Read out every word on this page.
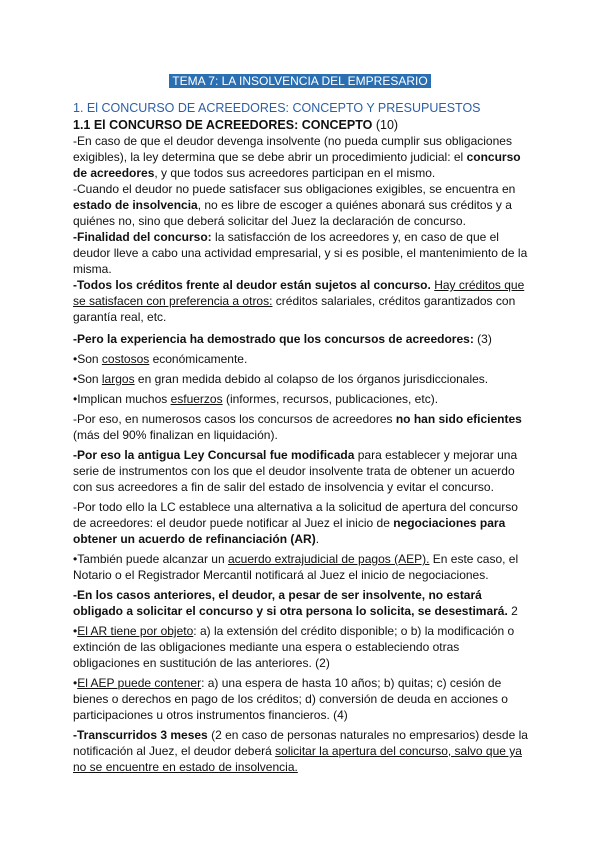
TEMA 7: LA INSOLVENCIA DEL EMPRESARIO

1. El CONCURSO DE ACREEDORES: CONCEPTO Y PRESUPUESTOS

1.1 El CONCURSO DE ACREEDORES: CONCEPTO (10)

-En caso de que el deudor devenga insolvente (no pueda cumplir sus obligaciones exigibles), la ley determina que se debe abrir un procedimiento judicial: el concurso de acreedores, y que todos sus acreedores participan en el mismo.

-Cuando el deudor no puede satisfacer sus obligaciones exigibles, se encuentra en estado de insolvencia, no es libre de escoger a quiénes abonará sus créditos y a quiénes no, sino que deberá solicitar del Juez la declaración de concurso.

-Finalidad del concurso: la satisfacción de los acreedores y, en caso de que el deudor lleve a cabo una actividad empresarial, y si es posible, el mantenimiento de la misma.

-Todos los créditos frente al deudor están sujetos al concurso. Hay créditos que se satisfacen con preferencia a otros: créditos salariales, créditos garantizados con garantía real, etc.

-Pero la experiencia ha demostrado que los concursos de acreedores: (3)

•Son costosos económicamente.

•Son largos en gran medida debido al colapso de los órganos jurisdiccionales.

•Implican muchos esfuerzos (informes, recursos, publicaciones, etc).

-Por eso, en numerosos casos los concursos de acreedores no han sido eficientes (más del 90% finalizan en liquidación).

-Por eso la antigua Ley Concursal fue modificada para establecer y mejorar una serie de instrumentos con los que el deudor insolvente trata de obtener un acuerdo con sus acreedores a fin de salir del estado de insolvencia y evitar el concurso.

-Por todo ello la LC establece una alternativa a la solicitud de apertura del concurso de acreedores: el deudor puede notificar al Juez el inicio de negociaciones para obtener un acuerdo de refinanciación (AR).

•También puede alcanzar un acuerdo extrajudicial de pagos (AEP). En este caso, el Notario o el Registrador Mercantil notificará al Juez el inicio de negociaciones.

-En los casos anteriores, el deudor, a pesar de ser insolvente, no estará obligado a solicitar el concurso y si otra persona lo solicita, se desestimará. 2

•El AR tiene por objeto: a) la extensión del crédito disponible; o b) la modificación o extinción de las obligaciones mediante una espera o estableciendo otras obligaciones en sustitución de las anteriores. (2)

•El AEP puede contener: a) una espera de hasta 10 años; b) quitas; c) cesión de bienes o derechos en pago de los créditos; d) conversión de deuda en acciones o participaciones u otros instrumentos financieros. (4)

-Transcurridos 3 meses (2 en caso de personas naturales no empresarios) desde la notificación al Juez, el deudor deberá solicitar la apertura del concurso, salvo que ya no se encuentre en estado de insolvencia.
